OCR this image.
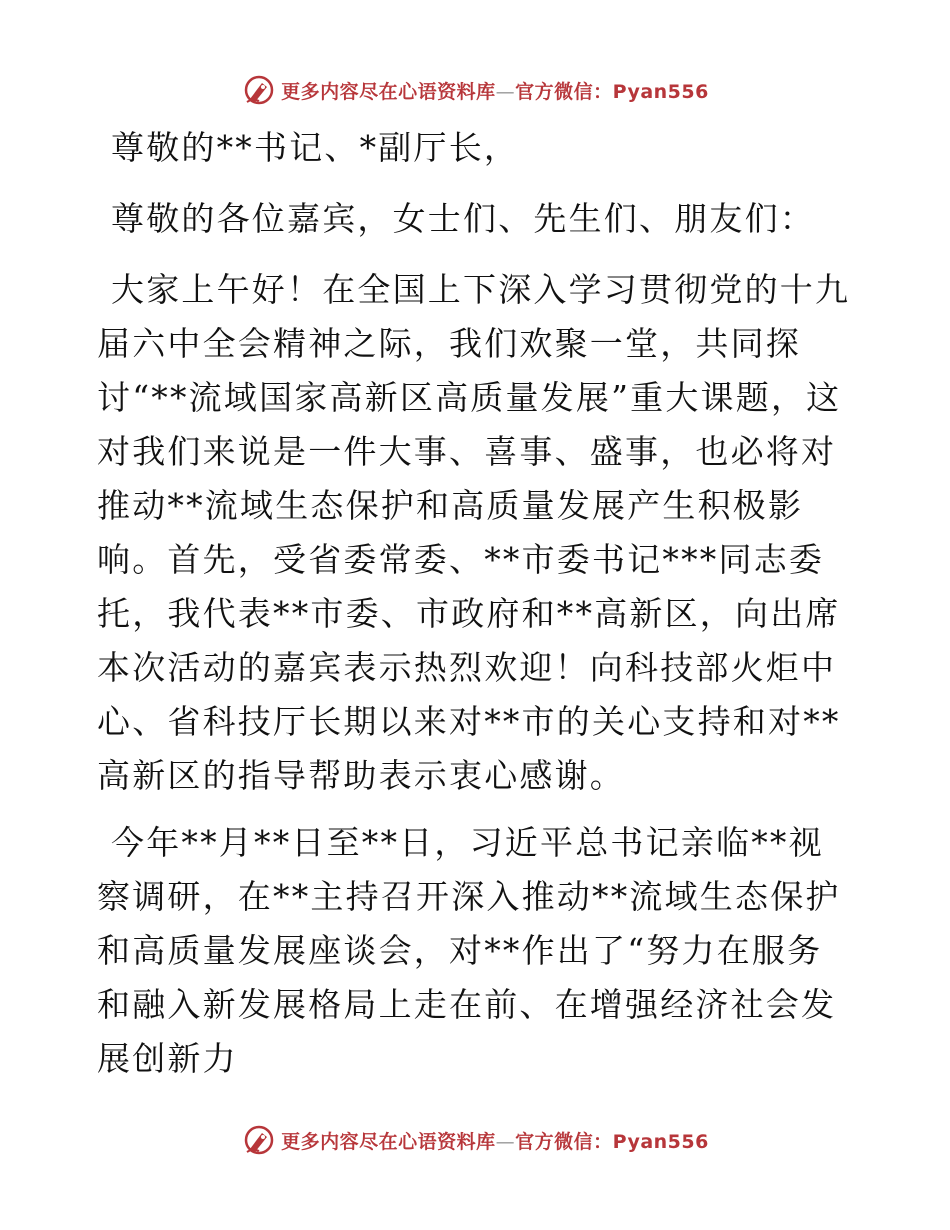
更多内容尽在心语资料库—官方微信：Pyan556

尊敬的**书记、*副厅长，

尊敬的各位嘉宾，女士们、先生们、朋友们：

大家上午好！在全国上下深入学习贯彻党的十九届六中全会精神之际，我们欢聚一堂，共同探讨“**流域国家高新区高质量发展”重大课题，这对我们来说是一件大事、喜事、盛事，也必将对推动**流域生态保护和高质量发展产生积极影响。首先，受省委常委、**市委书记***同志委托，我代表**市委、市政府和**高新区，向出席本次活动的嘉宾表示热烈欢迎！向科技部火炬中心、省科技厅长期以来对**市的关心支持和对**高新区的指导帮助表示衷心感谢。

今年**月**日至**日，习近平总书记亲临**视察调研，在**主持召开深入推动**流域生态保护和高质量发展座谈会，对**作出了“努力在服务和融入新发展格局上走在前、在增强经济社会发展创新力

更多内容尽在心语资料库—官方微信：Pyan556
